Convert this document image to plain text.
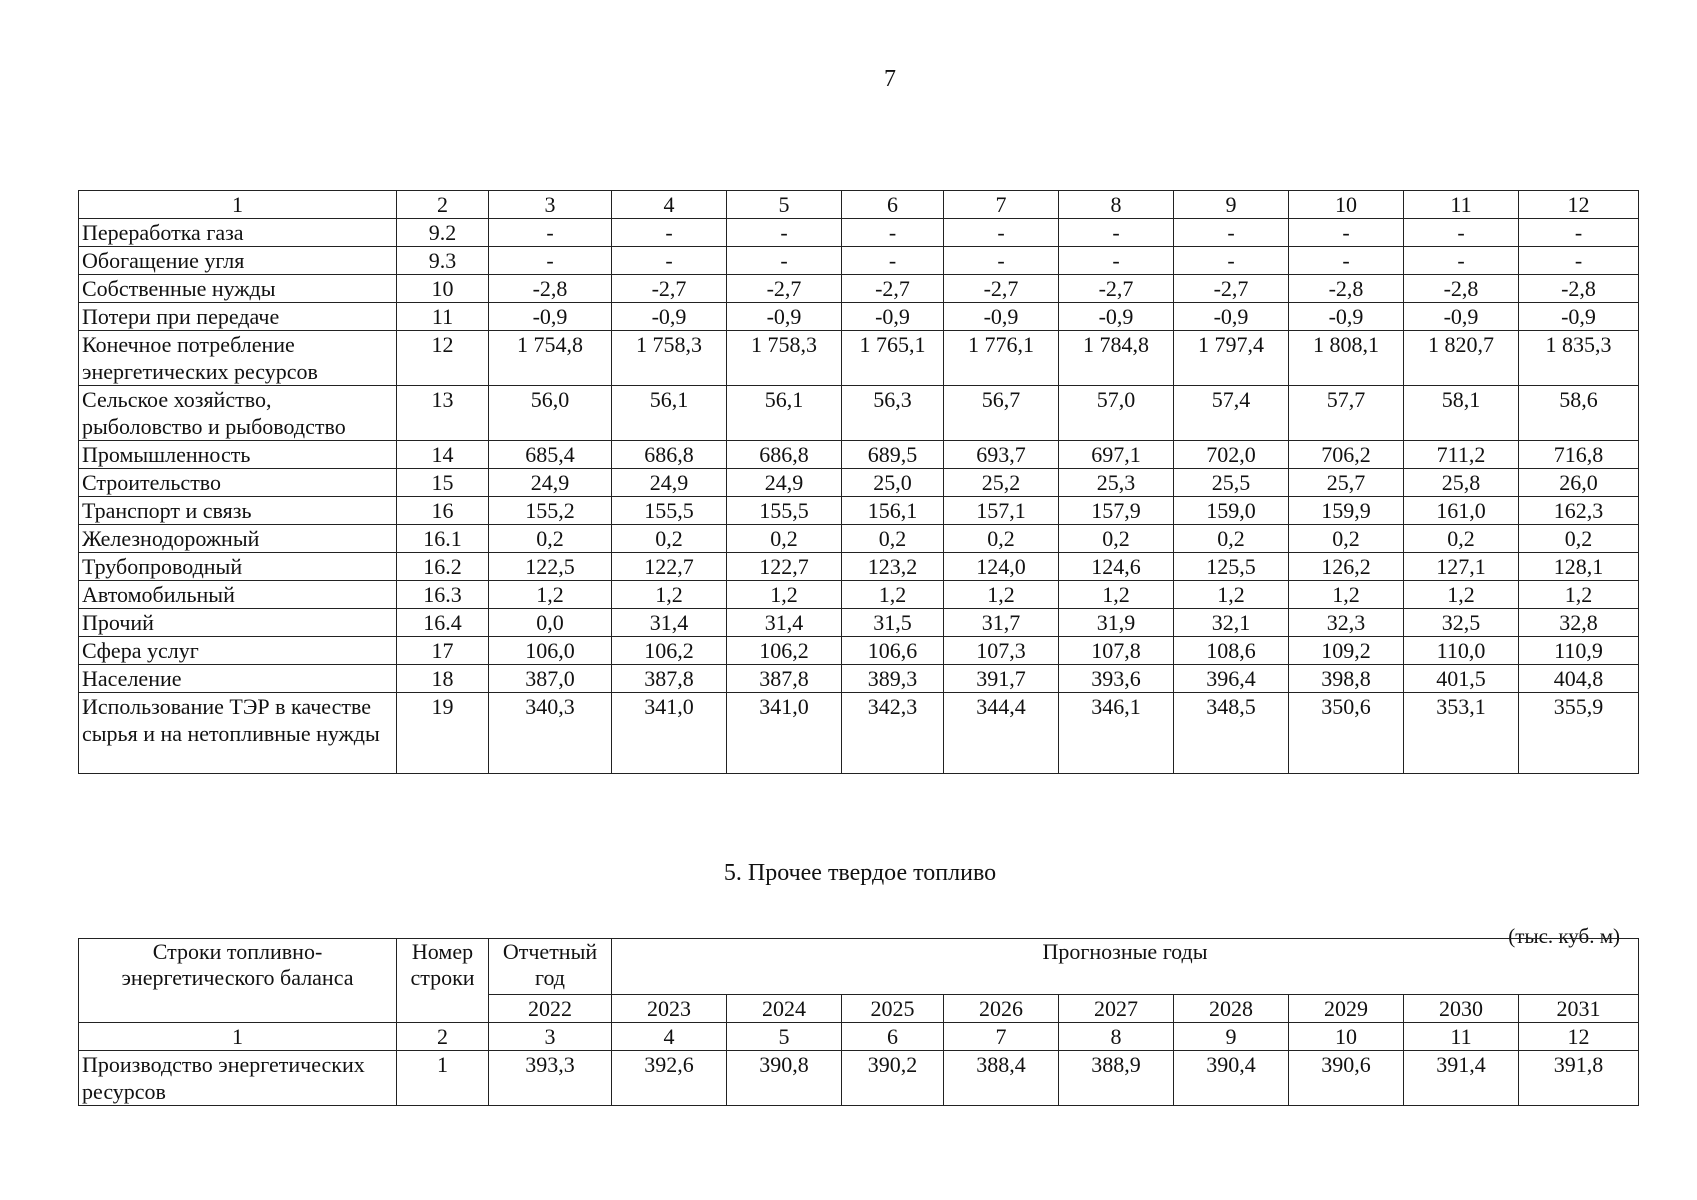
7
1	2	3	4	5	6	7	8	9	10	11	12
Переработка газа	9.2	-	-	-	-	-	-	-	-	-	-
Обогащение угля	9.3	-	-	-	-	-	-	-	-	-	-
Собственные нужды	10	-2,8	-2,7	-2,7	-2,7	-2,7	-2,7	-2,7	-2,8	-2,8	-2,8
Потери при передаче	11	-0,9	-0,9	-0,9	-0,9	-0,9	-0,9	-0,9	-0,9	-0,9	-0,9
Конечное потребление энергетических ресурсов	12	1 754,8	1 758,3	1 758,3	1 765,1	1 776,1	1 784,8	1 797,4	1 808,1	1 820,7	1 835,3
Сельское хозяйство, рыболовство и рыбоводство	13	56,0	56,1	56,1	56,3	56,7	57,0	57,4	57,7	58,1	58,6
Промышленность	14	685,4	686,8	686,8	689,5	693,7	697,1	702,0	706,2	711,2	716,8
Строительство	15	24,9	24,9	24,9	25,0	25,2	25,3	25,5	25,7	25,8	26,0
Транспорт и связь	16	155,2	155,5	155,5	156,1	157,1	157,9	159,0	159,9	161,0	162,3
Железнодорожный	16.1	0,2	0,2	0,2	0,2	0,2	0,2	0,2	0,2	0,2	0,2
Трубопроводный	16.2	122,5	122,7	122,7	123,2	124,0	124,6	125,5	126,2	127,1	128,1
Автомобильный	16.3	1,2	1,2	1,2	1,2	1,2	1,2	1,2	1,2	1,2	1,2
Прочий	16.4	0,0	31,4	31,4	31,5	31,7	31,9	32,1	32,3	32,5	32,8
Сфера услуг	17	106,0	106,2	106,2	106,6	107,3	107,8	108,6	109,2	110,0	110,9
Население	18	387,0	387,8	387,8	389,3	391,7	393,6	396,4	398,8	401,5	404,8
Использование ТЭР в качестве сырья и на нетопливные нужды	19	340,3	341,0	341,0	342,3	344,4	346,1	348,5	350,6	353,1	355,9
5. Прочее твердое топливо
(тыс. куб. м)
Строки топливно-энергетического баланса	Номер строки	Отчетный год	Прогнозные годы								
		2022	2023	2024	2025	2026	2027	2028	2029	2030	2031
1	2	3	4	5	6	7	8	9	10	11	12
Производство энергетических ресурсов	1	393,3	392,6	390,8	390,2	388,4	388,9	390,4	390,6	391,4	391,8
